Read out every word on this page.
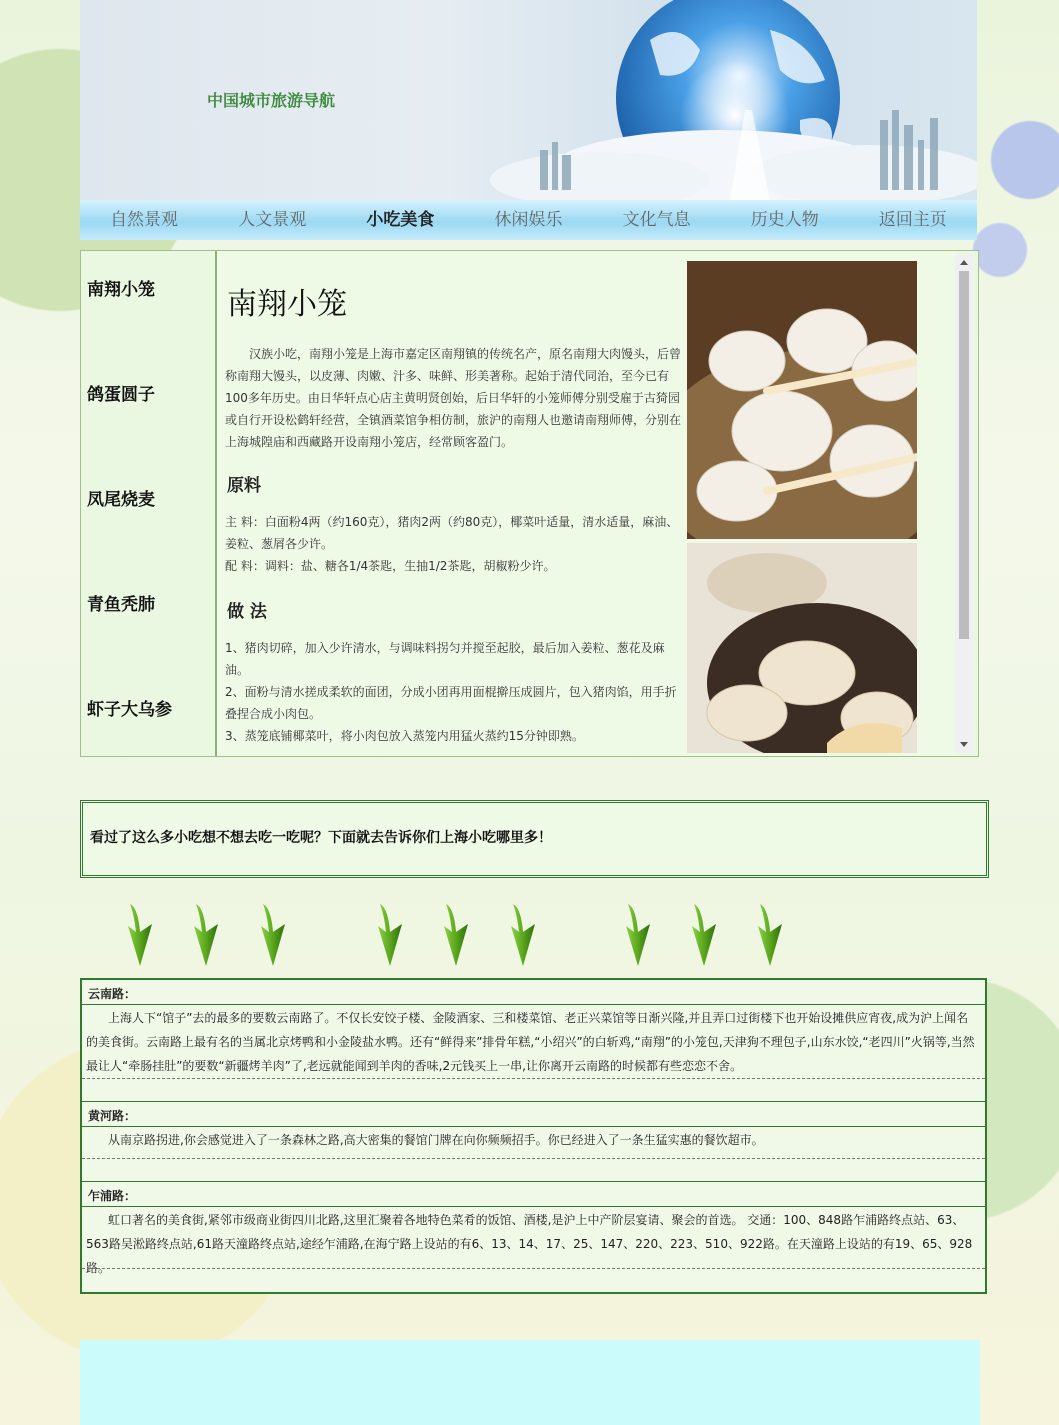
中国城市旅游导航
自然景观	人文景观	小吃美食	休闲娱乐	文化气息	历史人物	返回主页
南翔小笼
鸽蛋圆子
凤尾烧麦
青鱼秃肺
虾子大乌参
南翔小笼
汉族小吃，南翔小笼是上海市嘉定区南翔镇的传统名产，原名南翔大肉馒头，后曾称南翔大馒头，以皮薄、肉嫩、汁多、味鲜、形美著称。起始于清代同治，至今已有100多年历史。由日华轩点心店主黄明贤创始，后日华轩的小笼师傅分别受雇于古猗园或自行开设松鹤轩经营，全镇酒菜馆争相仿制，旅沪的南翔人也邀请南翔师傅，分别在上海城隍庙和西藏路开设南翔小笼店，经常顾客盈门。
原料
主 料：白面粉4两（约160克），猪肉2两（约80克），椰菜叶适量，清水适量，麻油、姜粒、葱屑各少许。
配 料：调料：盐、糖各1/4茶匙，生抽1/2茶匙，胡椒粉少许。
做 法
1、猪肉切碎，加入少许清水，与调味料拐匀并搅至起胶，最后加入姜粒、葱花及麻油。
2、面粉与清水搓成柔软的面团，分成小团再用面棍擀压成圆片，包入猪肉馅，用手折叠捏合成小肉包。
3、蒸笼底铺椰菜叶，将小肉包放入蒸笼内用猛火蒸约15分钟即熟。
看过了这么多小吃想不想去吃一吃呢？下面就去告诉你们上海小吃哪里多！
云南路：
上海人下“馆子”去的最多的要数云南路了。不仅长安饺子楼、金陵酒家、三和楼菜馆、老正兴菜馆等日渐兴隆,并且弄口过街楼下也开始设摊供应宵夜,成为沪上闻名的美食街。云南路上最有名的当属北京烤鸭和小金陵盐水鸭。还有“鲜得来”排骨年糕,“小绍兴”的白斩鸡,“南翔”的小笼包,天津狗不理包子,山东水饺,“老四川”火锅等,当然最让人“牵肠挂肚”的要数“新疆烤羊肉”了,老远就能闻到羊肉的香味,2元钱买上一串,让你离开云南路的时候都有些恋恋不舍。
黄河路：
从南京路拐进,你会感觉进入了一条森林之路,高大密集的餐馆门牌在向你频频招手。你已经进入了一条生猛实惠的餐饮超市。
乍浦路：
虹口著名的美食街,紧邻市级商业街四川北路,这里汇聚着各地特色菜肴的饭馆、酒楼,是沪上中产阶层宴请、聚会的首选。 交通：100、848路乍浦路终点站、63、563路吴淞路终点站,61路天潼路终点站,途经乍浦路,在海宁路上设站的有6、13、14、17、25、147、220、223、510、922路。在天潼路上设站的有19、65、928路。
